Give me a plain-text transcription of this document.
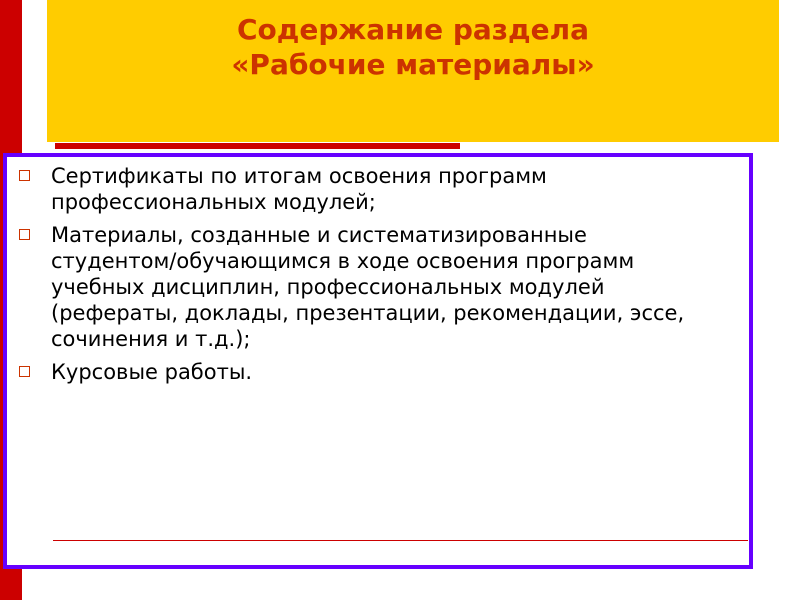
Содержание раздела
«Рабочие материалы»
Сертификаты по итогам освоения программ профессиональных модулей;
Материалы, созданные и систематизированные студентом/обучающимся в ходе освоения программ учебных дисциплин, профессиональных модулей (рефераты, доклады, презентации, рекомендации, эссе, сочинения и т.д.);
Курсовые работы.
